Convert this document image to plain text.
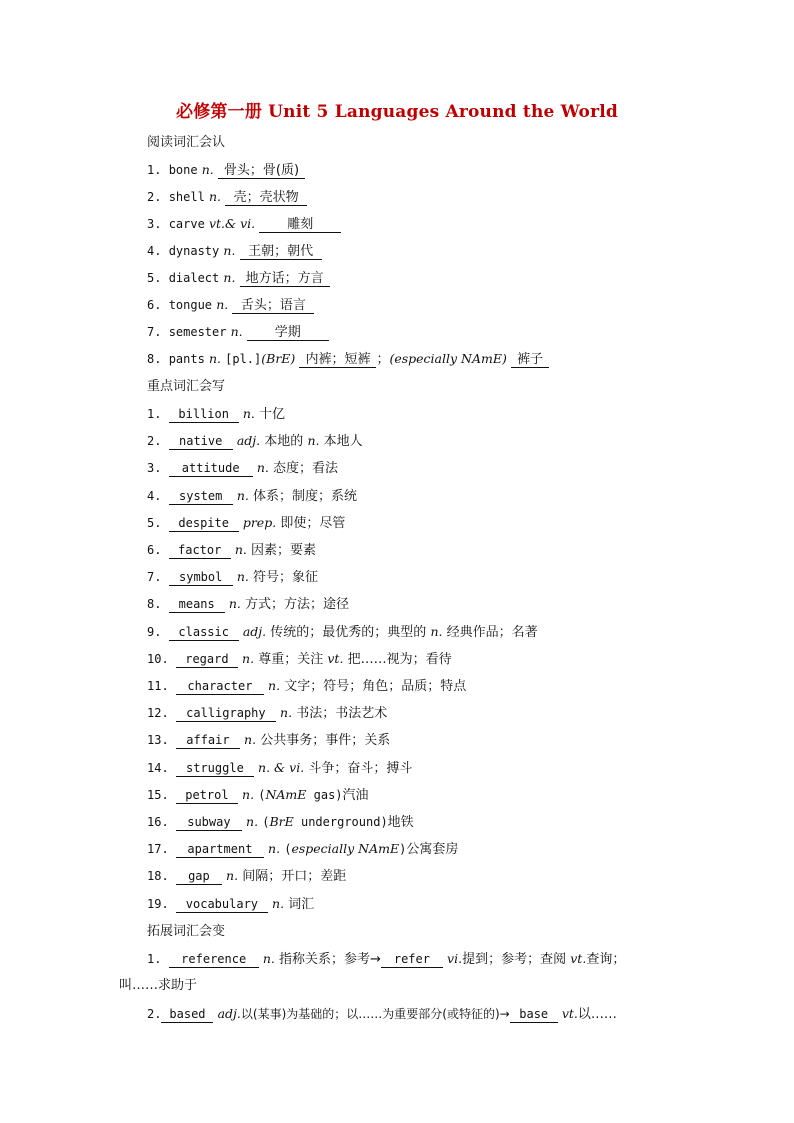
必修第一册 Unit 5 Languages Around the World
阅读词汇会认
1. bone n. 骨头；骨(质)
2. shell n. 壳；壳状物
3. carve vt.& vi. 雕刻
4. dynasty n. 王朝；朝代
5. dialect n. 地方话；方言
6. tongue n. 舌头；语言
7. semester n. 学期
8. pants n. [pl.](BrE) 内裤；短裤 ；(especially NAmE) 裤子
重点词汇会写
1. billion n. 十亿
2. native adj. 本地的 n. 本地人
3. attitude n. 态度；看法
4. system n. 体系；制度；系统
5. despite prep. 即使；尽管
6. factor n. 因素；要素
7. symbol n. 符号；象征
8. means n. 方式；方法；途径
9. classic adj. 传统的；最优秀的；典型的 n. 经典作品；名著
10. regard n. 尊重；关注 vt. 把……视为；看待
11. character n. 文字；符号；角色；品质；特点
12. calligraphy n. 书法；书法艺术
13. affair n. 公共事务；事件；关系
14. struggle n. & vi. 斗争；奋斗；搏斗
15. petrol n. (NAmE gas)汽油
16. subway n. (BrE underground)地铁
17. apartment n. (especially NAmE)公寓套房
18. gap n. 间隔；开口；差距
19. vocabulary n. 词汇
拓展词汇会变
1. reference n. 指称关系；参考→ refer vi.提到；参考；查阅 vt.查询；
叫……求助于
2. based adj.以(某事)为基础的；以……为重要部分(或特征的)→ base vt.以……
